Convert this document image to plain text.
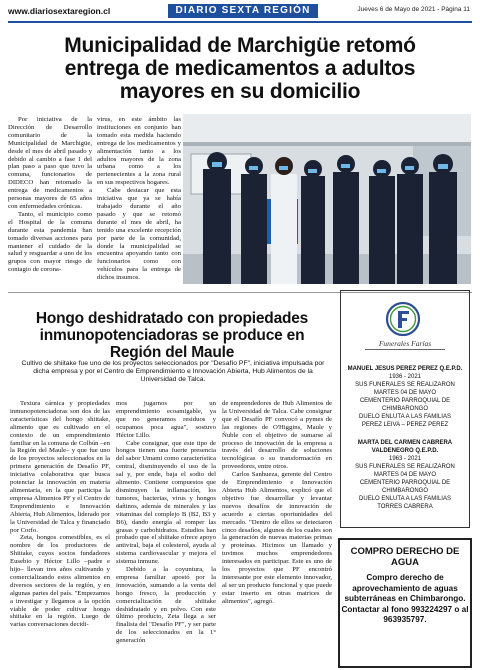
www.diariosextaregion.cl	DIARIO SEXTA REGIÓN	Jueves 6 de Mayo de 2021 - Página 11
Municipalidad de Marchigüe retomó entrega de medicamentos a adultos mayores en su domicilio

Por iniciativa de la Dirección de Desarrollo comunitario de la Municipalidad de Marchigüe, desde el mes de abril pasado y debido al cambio a fase 1 del plan paso a paso que tuvo la comuna, funcionarios de DIDECO han retomado la entrega de medicamentos a personas mayores de 65 años con enfermedades crónicas.

Tanto, el municipio como el Hospital de la comuna durante esta pandemia han tomado diversas acciones para mantener el cuidado de la salud y resguardar a uno de los grupos con mayor riesgo de contagio de corona-

virus, en este ámbito las instituciones en conjunto han tomado esta medida haciendo entrega de los medicamentos y alimentación tanto a los adultos mayores de la zona urbana como a los pertenecientes a la zona rural en sus respectivos hogares.

Cabe destacar que esta iniciativa que ya se había trabajado durante el año pasado y que se retomó durante el mes de abril, ha tenido una excelente recepción por parte de la comunidad, donde la municipalidad se encuentra apoyando tanto con funcionarios como con vehículos para la entrega de dichos insumos.

Hongo deshidratado con propiedades inmunopotenciadoras se produce en Región del Maule

Cultivo de shiitake fue uno de los proyectos seleccionados por "Desafío PF", iniciativa impulsada por dicha empresa y por el Centro de Emprendimiento e Innovación Abierta, Hub Alimentos de la Universidad de Talca.

Textura cárnica y propiedades inmunopotenciadoras son dos de las características del hongo shiitake, alimento que es cultivado en el contexto de un emprendimiento familiar en la comuna de Colbún –en la Región del Maule– y que fue uno de los proyectos seleccionados en la primera generación de Desafío PF, iniciativa colaborativa que busca potenciar la innovación en materia alimentaria, en la que participa la empresa Alimentos PF y el Centro de Emprendimiento e Innovación Abierta, Hub Alimentos, liderado por la Universidad de Talca y financiado por Corfo.

Zeta, hongos comestibles, es el nombre de los productores de Shiitake, cuyos socios fundadores Eusebio y Héctor Lillo –padre e hijo– llevan tres años cultivando y comercializando estos alimentos en diversos sectores de la región, y en algunas partes del país. "Empezamos a investigar y llegamos a la opción viable de poder cultivar hongo shiitake en la región. Luego de varias conversaciones decidi-

mos jugarnos por un emprendimiento ecoamigable, ya que no generamos residuos y ocupamos poca agua", sostuvo Héctor Lillo.

Cabe consignar, que este tipo de hongos tienen una fuerte presencia del sabor Umami como característica central, disminuyendo el uso de la sal y, por ende, baja el sodio del alimento. Contiene compuestos que disminuyen la inflamación, los tumores, bacterias, virus y hongos dañinos, además de minerales y las vitaminas del complejo B (B2, B3 y B6), dando energía al romper las grasas y carbohidratos. Estudios han probado que el shiitake ofrece apoyo antiviral, baja el colesterol, ayuda al sistema cardiovascular y mejora el sistema inmune.

Debido a la coyuntura, la empresa familiar apostó por la innovación, sumando a la venta del hongo fresco, la producción y comercialización de shiitake deshidratado y en polvo. Con este último producto, Zeta llega a ser finalista del "Desafío PF", y ser parte de los seleccionados en la 1° generación

de emprendedores de Hub Alimentos de la Universidad de Talca. Cabe consignar que el Desafío PF convocó a pymes de las regiones de O'Higgins, Maule y Ñuble con el objetivo de sumarse al proceso de innovación de la empresa a través del desarrollo de soluciones tecnológicas o su transformación en proveedores, entre otros.

Carlos Sanhueza, gerente del Centro de Emprendimiento e Innovación Abierta Hub Alimentos, explicó que el objetivo fue desarrollar y levantar nuevos desafíos de innovación de acuerdo a ciertas oportunidades del mercado. "Dentro de ellos se detectaron cinco desafíos, algunos de los cuales son la generación de nuevas materias primas y proteínas. Hicimos un llamado y tuvimos muchos emprendedores interesados en participar. Este es uno de los proyectos que PF encontró interesante por este elemento innovador, al ser un producto funcional y que puede estar inserto en otras matrices de alimentos", agregó.

Funerales Farías
MANUEL JESUS PEREZ PEREZ Q.E.P.D.
1936 - 2021
SUS FUNERALES SE REALIZARON
MARTES 04 DE MAYO
CEMENTERIO PARROQUIAL DE CHIMBARONGO
DUELO ENLUTA A LAS FAMILIAS
PEREZ LEIVA – PEREZ PEREZ
MARTA DEL CARMEN CABRERA VALDENEGRO Q.E.P.D.
1963 - 2021
SUS FUNERALES SE REALIZARON
MARTES 04 DE MAYO
CEMENTERIO PARROQUIAL DE CHIMBARONGO
DUELO ENLUTA A LAS FAMILIAS
TORRES CABRERA

COMPRO DERECHO DE AGUA

Compro derecho de aprovechamiento de aguas subterráneas en Chimbarongo. Contactar al fono 993224297 o al 963935797.
